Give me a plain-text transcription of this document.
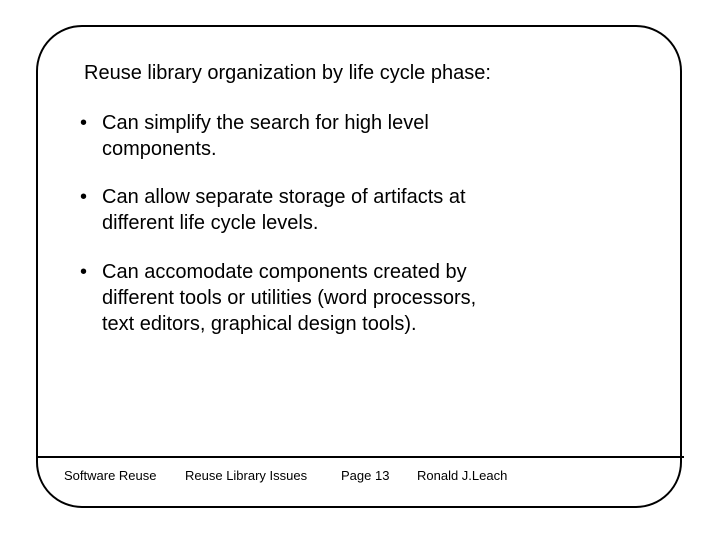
Reuse library organization by life cycle phase:
• Can simplify the search for high level
components.
• Can allow separate storage of artifacts at
different life cycle levels.
• Can accomodate components created by
different tools or utilities (word processors,
text editors, graphical design tools).
Software Reuse Reuse Library Issues	Page 13 Ronald J.Leach
